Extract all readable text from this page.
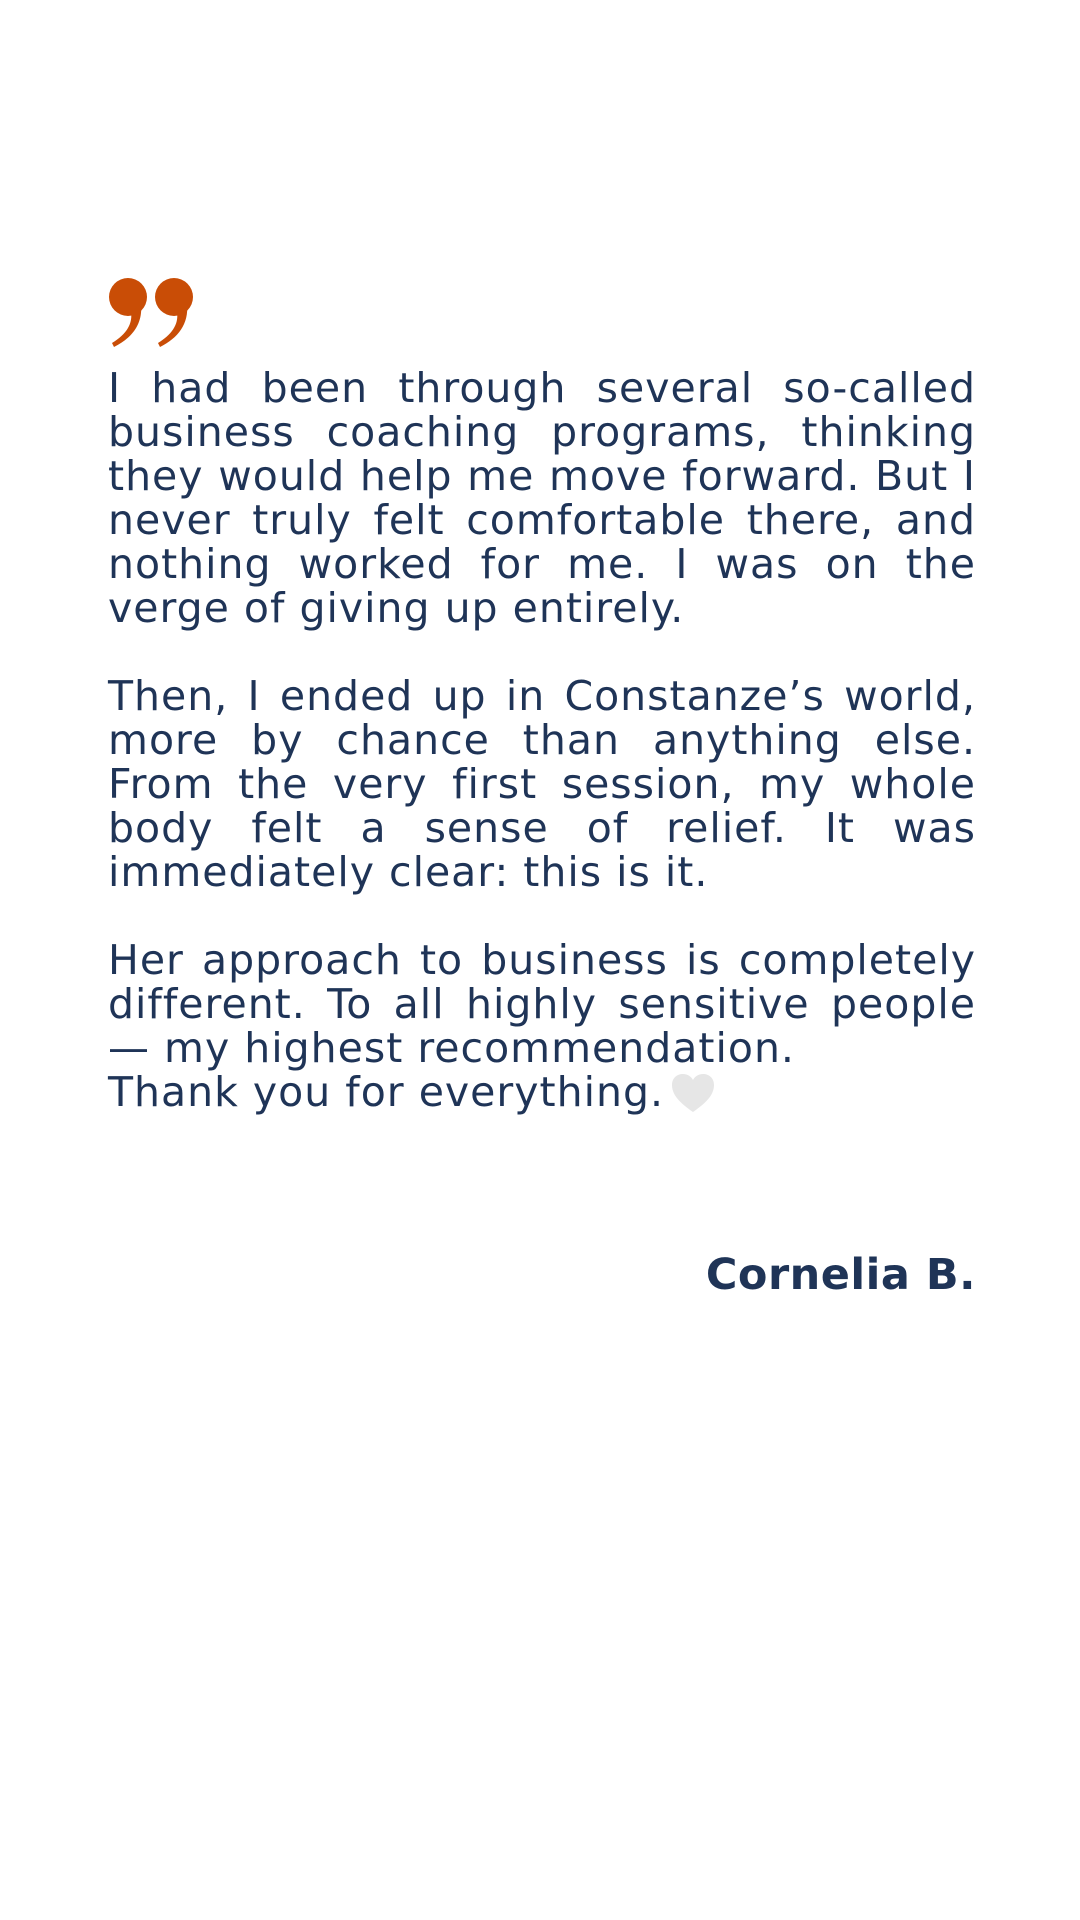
I had been through several so-called business coaching programs, thinking they would help me move forward. But I never truly felt comfortable there, and nothing worked for me. I was on the verge of giving up entirely.

Then, I ended up in Constanze’s world, more by chance than anything else. From the very first session, my whole body felt a sense of relief. It was immediately clear: this is it.

Her approach to business is completely different. To all highly sensitive people — my highest recommendation.
Thank you for everything.

Cornelia B.
